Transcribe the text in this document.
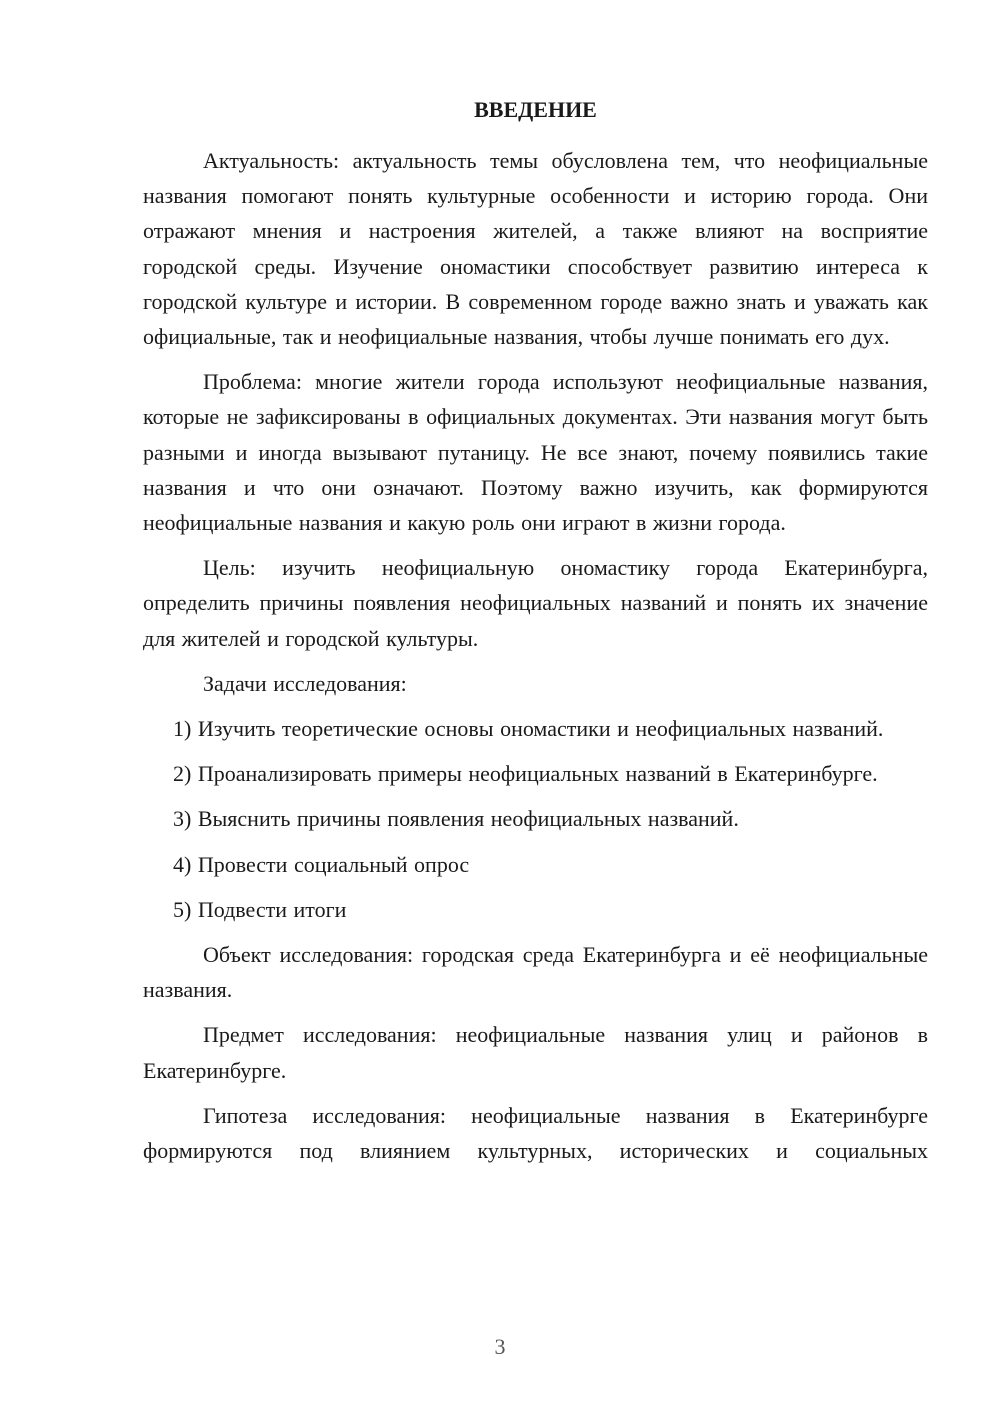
ВВЕДЕНИЕ

Актуальность: актуальность темы обусловлена тем, что неофициальные названия помогают понять культурные особенности и историю города. Они отражают мнения и настроения жителей, а также влияют на восприятие городской среды. Изучение ономастики способствует развитию интереса к городской культуре и истории. В современном городе важно знать и уважать как официальные, так и неофициальные названия, чтобы лучше понимать его дух.

Проблема: многие жители города используют неофициальные названия, которые не зафиксированы в официальных документах. Эти названия могут быть разными и иногда вызывают путаницу. Не все знают, почему появились такие названия и что они означают. Поэтому важно изучить, как формируются неофициальные названия и какую роль они играют в жизни города.

Цель: изучить неофициальную ономастику города Екатеринбурга, определить причины появления неофициальных названий и понять их значение для жителей и городской культуры.

Задачи исследования:

1) Изучить теоретические основы ономастики и неофициальных названий.

2) Проанализировать примеры неофициальных названий в Екатеринбурге.

3) Выяснить причины появления неофициальных названий.

4) Провести социальный опрос

5) Подвести итоги

Объект исследования: городская среда Екатеринбурга и её неофициальные названия.

Предмет исследования: неофициальные названия улиц и районов в Екатеринбурге.

Гипотеза исследования: неофициальные названия в Екатеринбурге формируются под влиянием культурных, исторических и социальных

3
